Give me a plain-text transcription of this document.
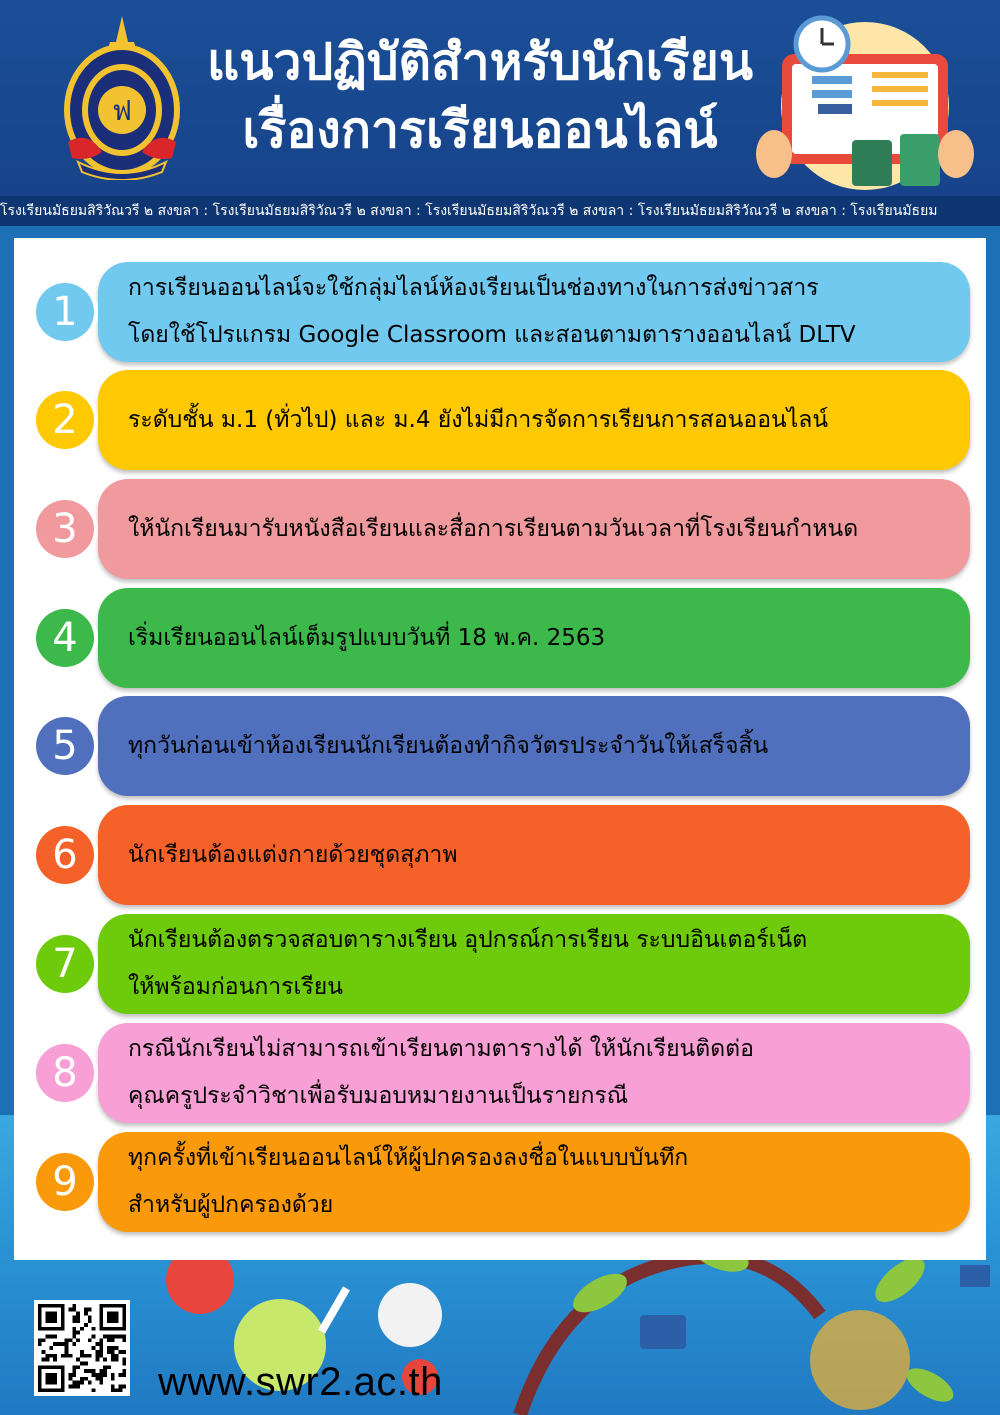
ฟ
แนวปฏิบัติสำหรับนักเรียน
เรื่องการเรียนออนไลน์
โรงเรียนมัธยมสิริวัณวรี ๒ สงขลา : โรงเรียนมัธยมสิริวัณวรี ๒ สงขลา : โรงเรียนมัธยมสิริวัณวรี ๒ สงขลา : โรงเรียนมัธยมสิริวัณวรี ๒ สงขลา : โรงเรียนมัธยม
การเรียนออนไลน์จะใช้กลุ่มไลน์ห้องเรียนเป็นช่องทางในการส่งข่าวสาร
โดยใช้โปรแกรม Google Classroom และสอนตามตารางออนไลน์ DLTV
1
ระดับชั้น ม.1 (ทั่วไป) และ ม.4 ยังไม่มีการจัดการเรียนการสอนออนไลน์
2
ให้นักเรียนมารับหนังสือเรียนและสื่อการเรียนตามวันเวลาที่โรงเรียนกำหนด
3
เริ่มเรียนออนไลน์เต็มรูปแบบวันที่ 18 พ.ค. 2563
4
ทุกวันก่อนเข้าห้องเรียนนักเรียนต้องทำกิจวัตรประจำวันให้เสร็จสิ้น
5
นักเรียนต้องแต่งกายด้วยชุดสุภาพ
6
นักเรียนต้องตรวจสอบตารางเรียน อุปกรณ์การเรียน ระบบอินเตอร์เน็ต
ให้พร้อมก่อนการเรียน
7
กรณีนักเรียนไม่สามารถเข้าเรียนตามตารางได้ ให้นักเรียนติดต่อ
คุณครูประจำวิชาเพื่อรับมอบหมายงานเป็นรายกรณี
8
ทุกครั้งที่เข้าเรียนออนไลน์ให้ผู้ปกครองลงชื่อในแบบบันทึก
สำหรับผู้ปกครองด้วย
9
www.swr2.ac.th
